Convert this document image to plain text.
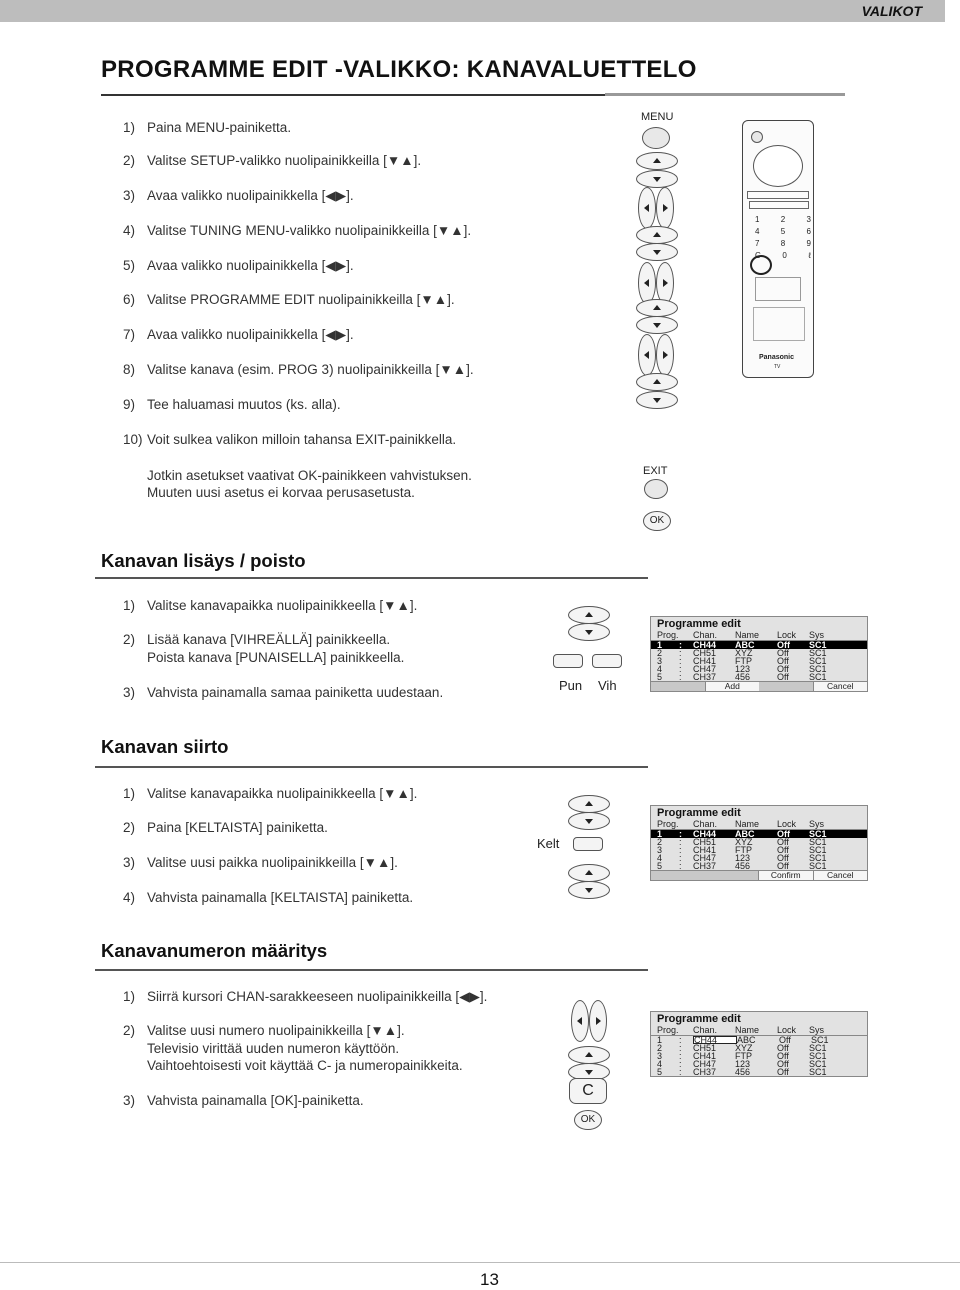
VALIKOT
PROGRAMME EDIT -VALIKKO: KANAVALUETTELO
1) Paina MENU-painiketta.
2) Valitse SETUP-valikko nuolipainikkeilla [▼▲].
3) Avaa valikko nuolipainikkella [◀▶].
4) Valitse TUNING MENU-valikko nuolipainikkeilla [▼▲].
5) Avaa valikko nuolipainikkella [◀▶].
6) Valitse PROGRAMME EDIT nuolipainikkeilla [▼▲].
7) Avaa valikko nuolipainikkella [◀▶].
8) Valitse kanava (esim. PROG 3) nuolipainikkeilla [▼▲].
9) Tee haluamasi muutos (ks. alla).
10) Voit sulkea valikon milloin tahansa EXIT-painikkella.
Jotkin asetukset vaativat OK-painikkeen vahvistuksen.
Muuten uusi asetus ei korvaa perusasetusta.
MENU
EXIT
OK
1	2	3
4	5	6
7	8	9
C	0	ℓ
Panasonic
TV
Kanavan lisäys / poisto
1) Valitse kanavapaikka nuolipainikkeella [▼▲].
2) Lisää kanava [VIHREÄLLÄ] painikkeella.
Poista kanava [PUNAISELLA] painikkeella.
3) Vahvista painamalla samaa painiketta uudestaan.	Pun Vih
Programme edit
Prog. Chan.	Name	Lock	Sys
1	:	CH44	ABC	Off	SC1
2	:	CH51	XYZ	Off	SC1
3	:	CH41	FTP	Off	SC1
4	:	CH47	123	Off	SC1
5	:	CH37	456	Off	SC1
Add	Cancel
Kanavan siirto
1) Valitse kanavapaikka nuolipainikkeella [▼▲].
2) Paina [KELTAISTA] painiketta.
3) Valitse uusi paikka nuolipainikkeilla [▼▲].
4) Vahvista painamalla [KELTAISTA] painiketta.
Kelt
Programme edit
Prog. Chan.	Name	Lock	Sys
1	:	CH44	ABC	Off	SC1
2	:	CH51	XYZ	Off	SC1
3	:	CH41	FTP	Off	SC1
4	:	CH47	123	Off	SC1
5	:	CH37	456	Off	SC1
Confirm	Cancel
Kanavanumeron määritys
1) Siirrä kursori CHAN-sarakkeeseen nuolipainikkeilla [◀▶].
2) Valitse uusi numero nuolipainikkeilla [▼▲].
Televisio virittää uuden numeron käyttöön.
Vaihtoehtoisesti voit käyttää C- ja numeropainikkeita.
3) Vahvista painamalla [OK]-painiketta.
C
OK
Programme edit
Prog. Chan.	Name	Lock	Sys
1	:	CH44	ABC	Off	SC1
2	:	CH51	XYZ	Off	SC1
3	:	CH41	FTP	Off	SC1
4	:	CH47	123	Off	SC1
5	:	CH37	456	Off	SC1
13
